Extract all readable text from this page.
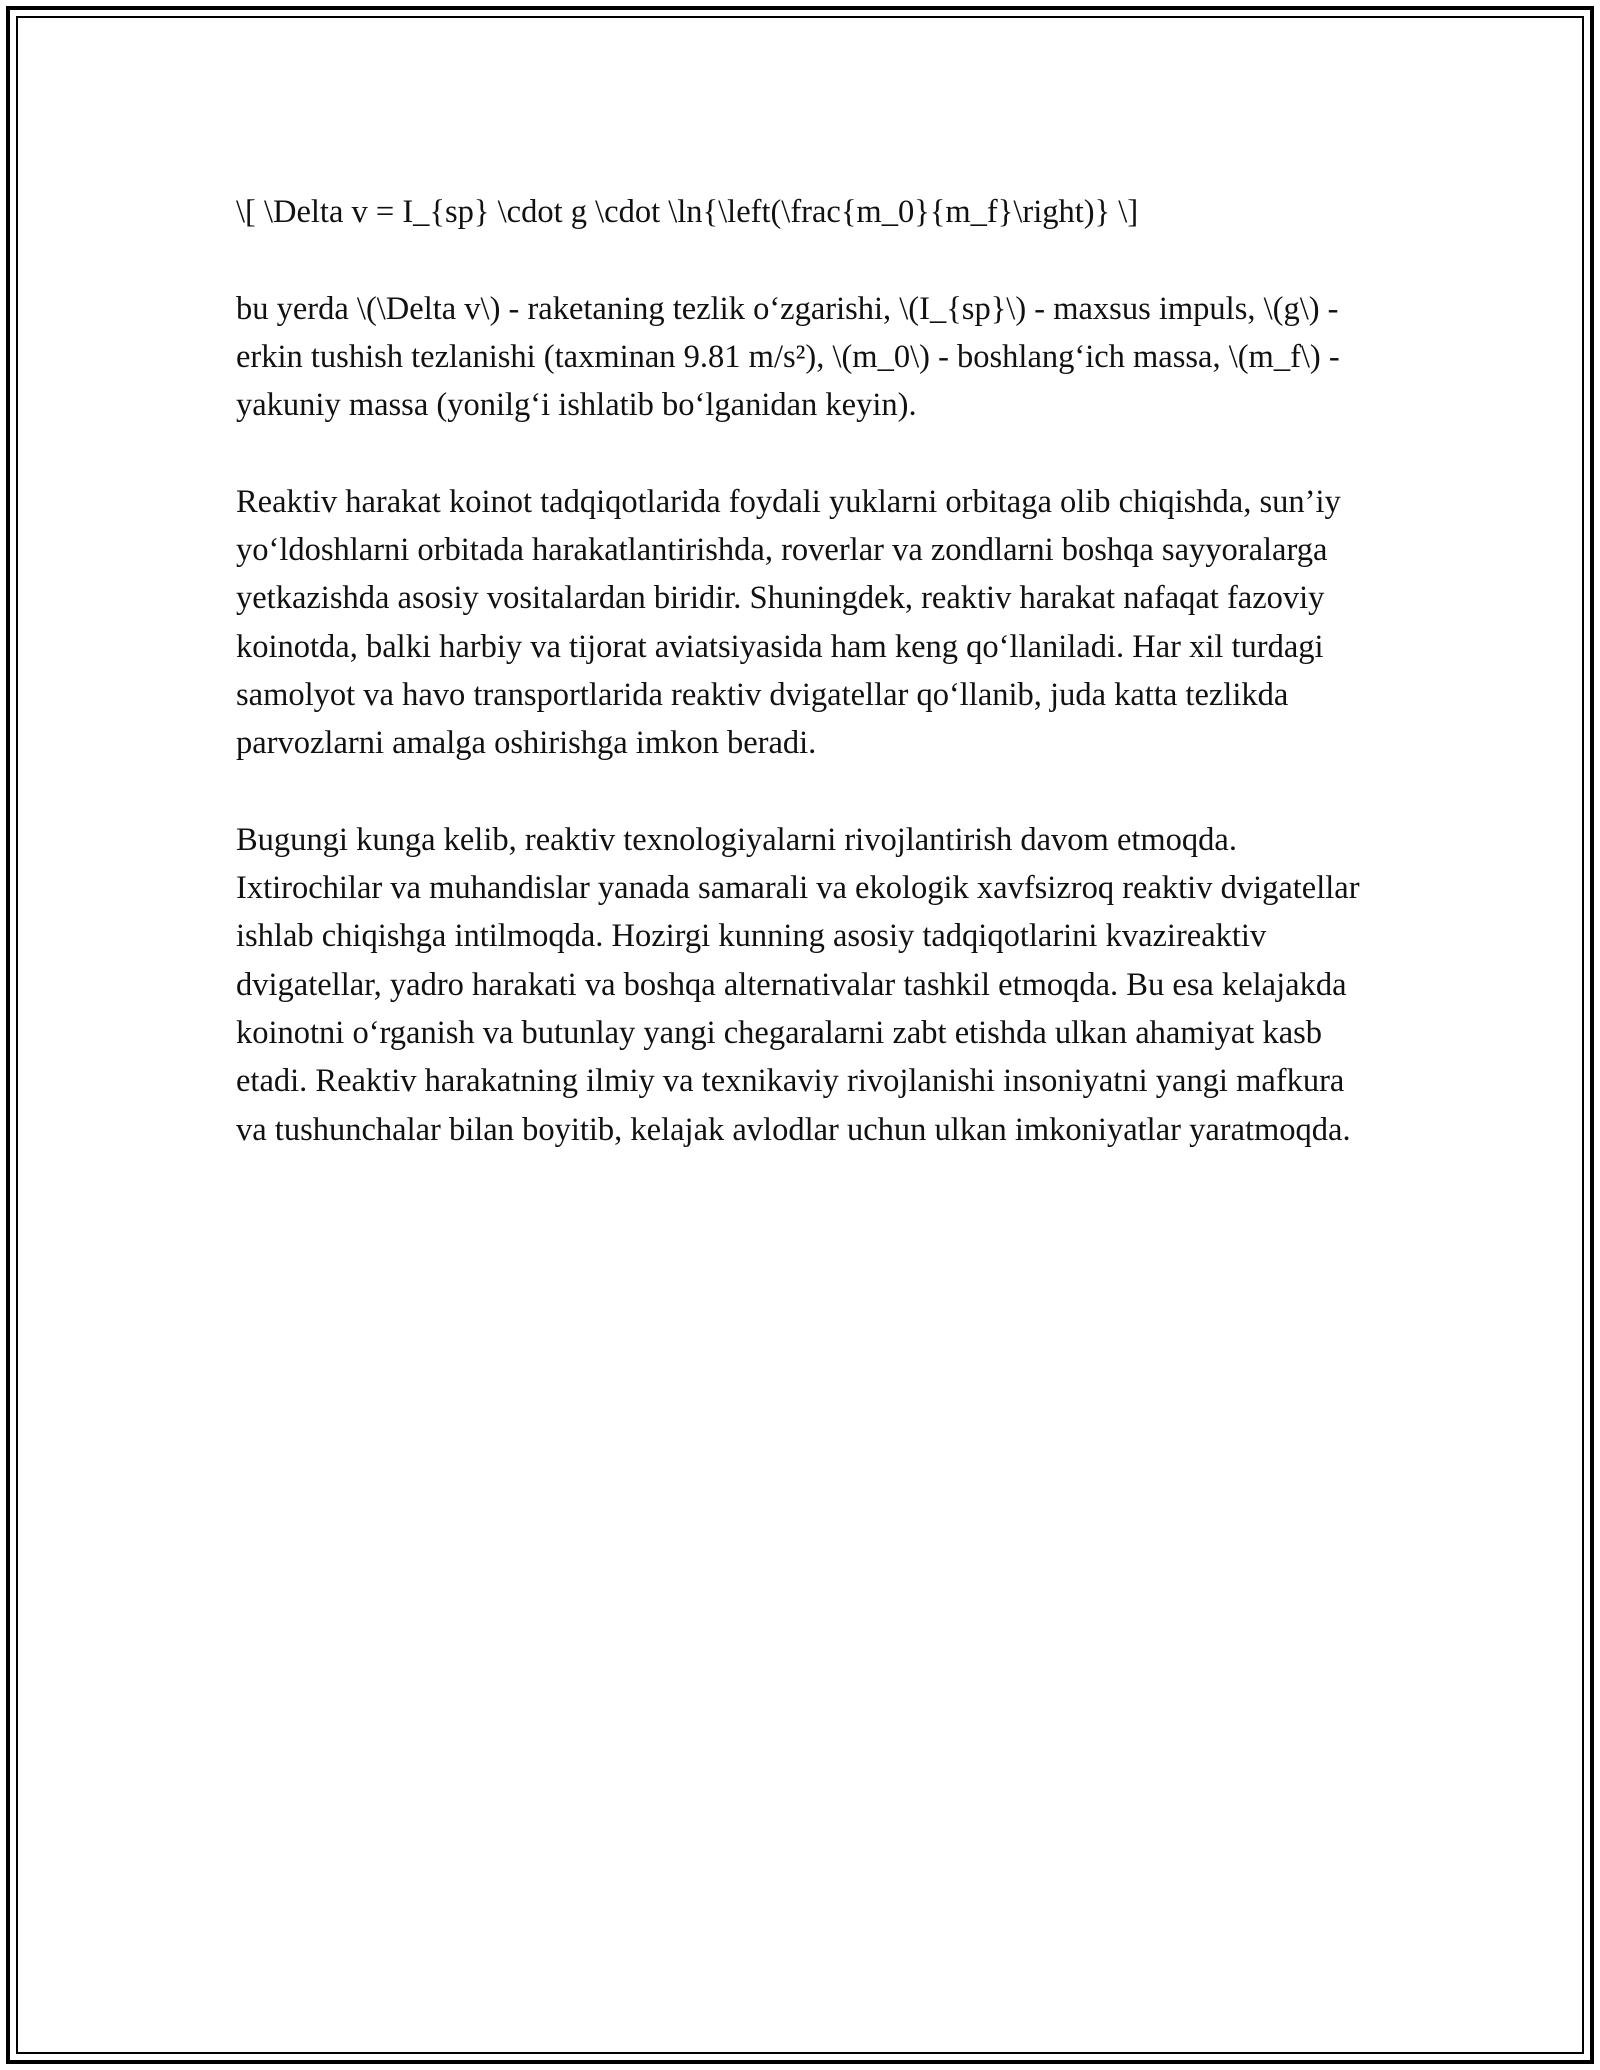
\[ \Delta v = I_{sp} \cdot g \cdot \ln{\left(\frac{m_0}{m_f}\right)} \]

bu yerda \(\Delta v\) - raketaning tezlik o‘zgarishi, \(I_{sp}\) - maxsus impuls, \(g\) - erkin tushish tezlanishi (taxminan 9.81 m/s²), \(m_0\) - boshlang‘ich massa, \(m_f\) - yakuniy massa (yonilg‘i ishlatib bo‘lganidan keyin).

Reaktiv harakat koinot tadqiqotlarida foydali yuklarni orbitaga olib chiqishda, sun’iy yo‘ldoshlarni orbitada harakatlantirishda, roverlar va zondlarni boshqa sayyoralarga yetkazishda asosiy vositalardan biridir. Shuningdek, reaktiv harakat nafaqat fazoviy koinotda, balki harbiy va tijorat aviatsiyasida ham keng qo‘llaniladi. Har xil turdagi samolyot va havo transportlarida reaktiv dvigatellar qo‘llanib, juda katta tezlikda parvozlarni amalga oshirishga imkon beradi.

Bugungi kunga kelib, reaktiv texnologiyalarni rivojlantirish davom etmoqda. Ixtirochilar va muhandislar yanada samarali va ekologik xavfsizroq reaktiv dvigatellar ishlab chiqishga intilmoqda. Hozirgi kunning asosiy tadqiqotlarini kvazireaktiv dvigatellar, yadro harakati va boshqa alternativalar tashkil etmoqda. Bu esa kelajakda koinotni o‘rganish va butunlay yangi chegaralarni zabt etishda ulkan ahamiyat kasb etadi. Reaktiv harakatning ilmiy va texnikaviy rivojlanishi insoniyatni yangi mafkura va tushunchalar bilan boyitib, kelajak avlodlar uchun ulkan imkoniyatlar yaratmoqda.
